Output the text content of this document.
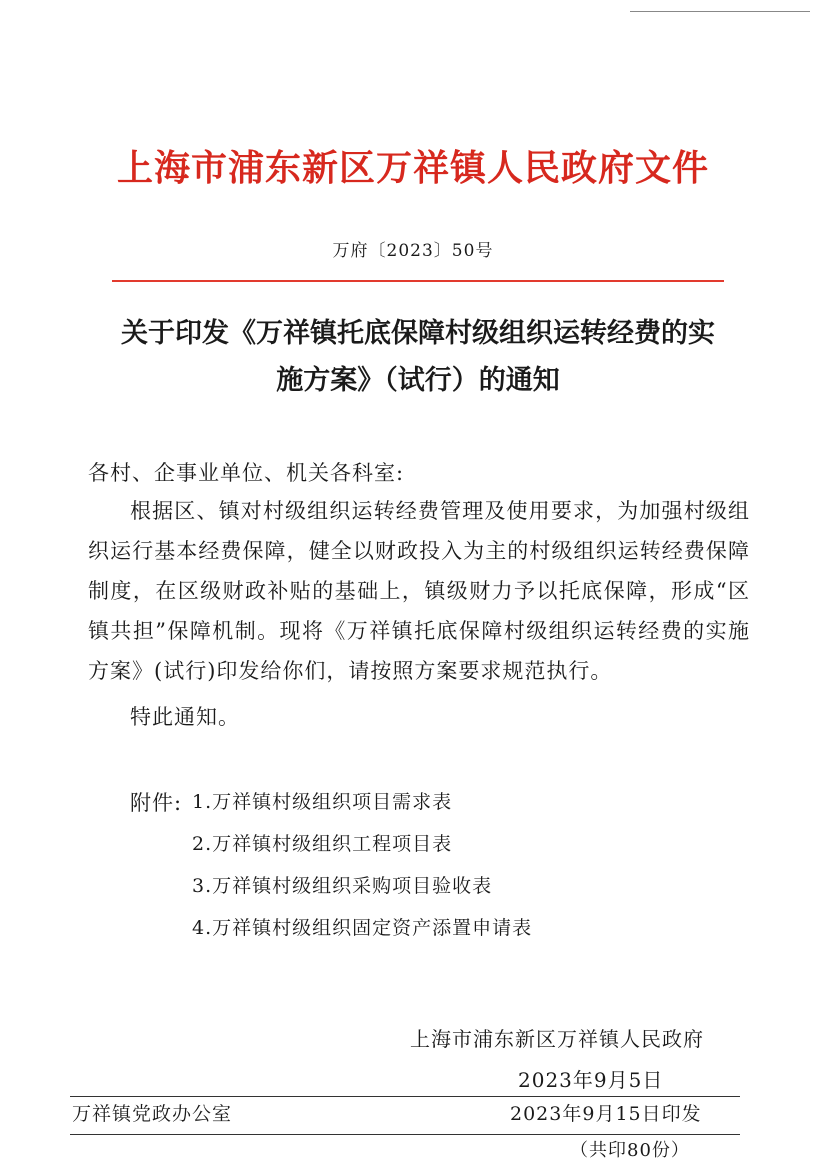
上海市浦东新区万祥镇人民政府文件
万府〔2023〕50号
关于印发《万祥镇托底保障村级组织运转经费的实
施方案》（试行）的通知
各村、企事业单位、机关各科室:
根据区、镇对村级组织运转经费管理及使用要求，为加强村级组织运行基本经费保障，健全以财政投入为主的村级组织运转经费保障制度，在区级财政补贴的基础上，镇级财力予以托底保障，形成“区镇共担”保障机制。现将《万祥镇托底保障村级组织运转经费的实施方案》(试行)印发给你们，请按照方案要求规范执行。
特此通知。
附件: 1.万祥镇村级组织项目需求表
2.万祥镇村级组织工程项目表
3.万祥镇村级组织采购项目验收表
4.万祥镇村级组织固定资产添置申请表
上海市浦东新区万祥镇人民政府
2023年9月5日
万祥镇党政办公室	2023年9月15日印发
（共印80份）
